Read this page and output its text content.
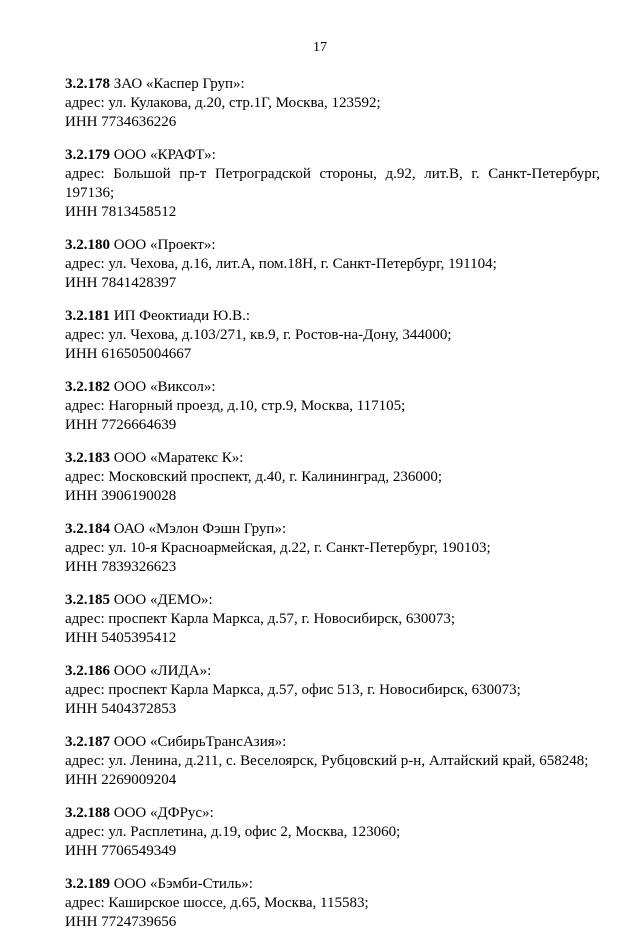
17
3.2.178 ЗАО «Каспер Груп»:
адрес: ул. Кулакова, д.20, стр.1Г, Москва, 123592;
ИНН 7734636226
3.2.179 ООО «КРАФТ»:
адрес: Большой пр-т Петроградской стороны, д.92, лит.В, г. Санкт-Петербург, 197136;
ИНН 7813458512
3.2.180 ООО «Проект»:
адрес: ул. Чехова, д.16, лит.А, пом.18Н, г. Санкт-Петербург, 191104;
ИНН 7841428397
3.2.181 ИП Феоктиади Ю.В.:
адрес: ул. Чехова, д.103/271, кв.9, г. Ростов-на-Дону, 344000;
ИНН 616505004667
3.2.182 ООО «Виксол»:
адрес: Нагорный проезд, д.10, стр.9, Москва, 117105;
ИНН 7726664639
3.2.183 ООО «Маратекс К»:
адрес: Московский проспект, д.40, г. Калининград, 236000;
ИНН 3906190028
3.2.184 ОАО «Мэлон Фэшн Груп»:
адрес: ул. 10-я Красноармейская, д.22, г. Санкт-Петербург, 190103;
ИНН 7839326623
3.2.185 ООО «ДЕМО»:
адрес: проспект Карла Маркса, д.57, г. Новосибирск, 630073;
ИНН 5405395412
3.2.186 ООО «ЛИДА»:
адрес: проспект Карла Маркса, д.57, офис 513, г. Новосибирск, 630073;
ИНН 5404372853
3.2.187 ООО «СибирьТрансАзия»:
адрес: ул. Ленина, д.211, с. Веселоярск, Рубцовский р-н, Алтайский край, 658248;
ИНН 2269009204
3.2.188 ООО «ДФРус»:
адрес: ул. Расплетина, д.19, офис 2, Москва, 123060;
ИНН 7706549349
3.2.189 ООО «Бэмби-Стиль»:
адрес: Каширское шоссе, д.65, Москва, 115583;
ИНН 7724739656
